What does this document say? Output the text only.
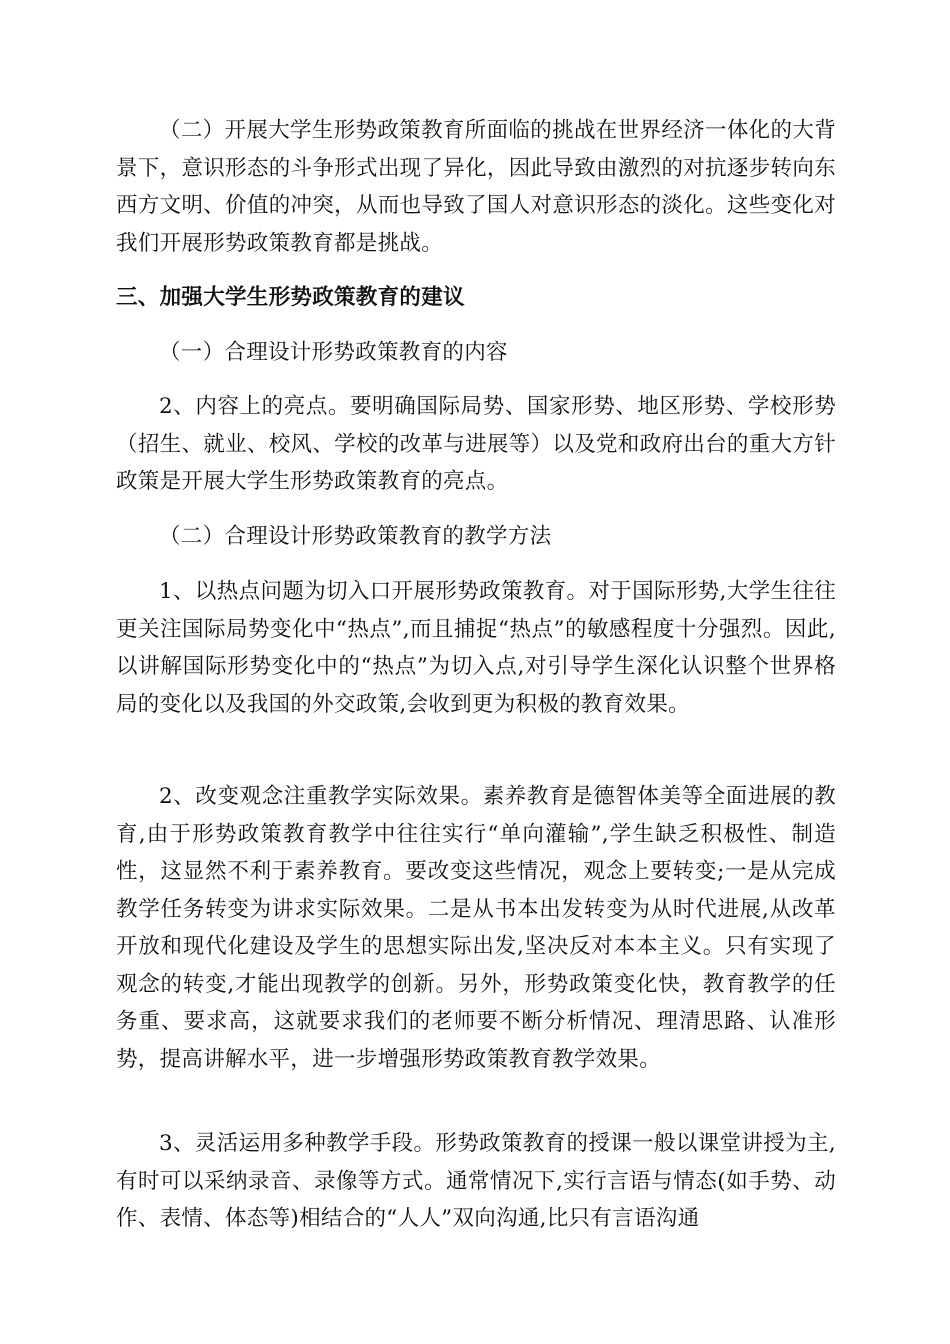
（二）开展大学生形势政策教育所面临的挑战在世界经济一体化的大背景下，意识形态的斗争形式出现了异化，因此导致由激烈的对抗逐步转向东西方文明、价值的冲突，从而也导致了国人对意识形态的淡化。这些变化对我们开展形势政策教育都是挑战。

三、加强大学生形势政策教育的建议

（一）合理设计形势政策教育的内容

2、内容上的亮点。要明确国际局势、国家形势、地区形势、学校形势（招生、就业、校风、学校的改革与进展等）以及党和政府出台的重大方针政策是开展大学生形势政策教育的亮点。

（二）合理设计形势政策教育的教学方法

1、以热点问题为切入口开展形势政策教育。对于国际形势,大学生往往更关注国际局势变化中“热点”,而且捕捉“热点”的敏感程度十分强烈。因此,以讲解国际形势变化中的“热点”为切入点,对引导学生深化认识整个世界格局的变化以及我国的外交政策,会收到更为积极的教育效果。

2、改变观念注重教学实际效果。素养教育是德智体美等全面进展的教育,由于形势政策教育教学中往往实行“单向灌输”,学生缺乏积极性、制造性，这显然不利于素养教育。要改变这些情况，观念上要转变;一是从完成教学任务转变为讲求实际效果。二是从书本出发转变为从时代进展,从改革开放和现代化建设及学生的思想实际出发,坚决反对本本主义。只有实现了观念的转变,才能出现教学的创新。另外，形势政策变化快，教育教学的任务重、要求高，这就要求我们的老师要不断分析情况、理清思路、认准形势，提高讲解水平，进一步增强形势政策教育教学效果。

3、灵活运用多种教学手段。形势政策教育的授课一般以课堂讲授为主,有时可以采纳录音、录像等方式。通常情况下,实行言语与情态(如手势、动作、表情、体态等)相结合的“人人”双向沟通,比只有言语沟通
